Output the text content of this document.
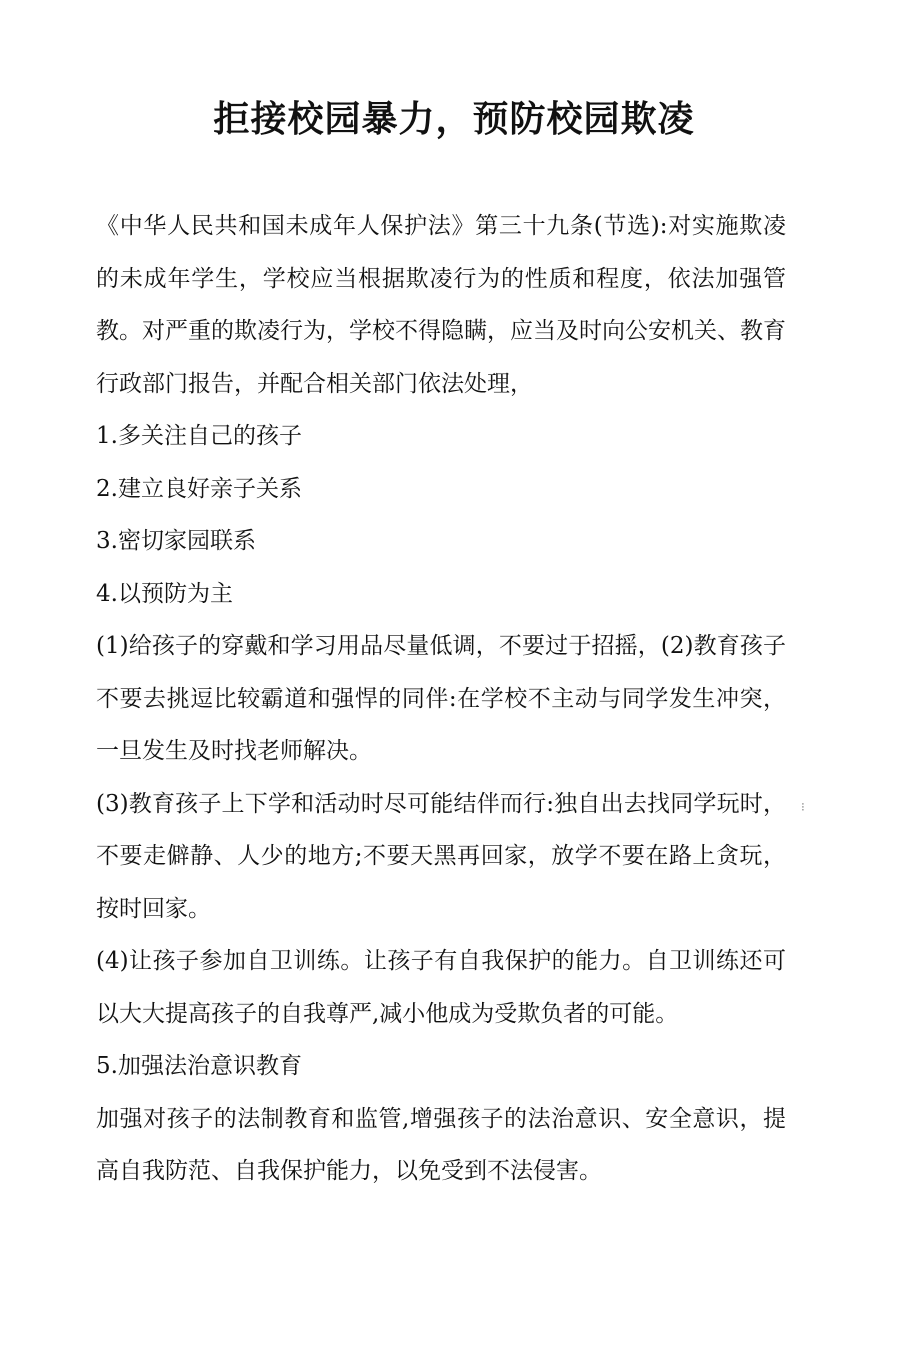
拒接校园暴力，预防校园欺凌

《中华人民共和国未成年人保护法》第三十九条(节选):对实施欺凌的未成年学生，学校应当根据欺凌行为的性质和程度，依法加强管教。对严重的欺凌行为，学校不得隐瞒，应当及时向公安机关、教育行政部门报告，并配合相关部门依法处理，

1.多关注自己的孩子

2.建立良好亲子关系

3.密切家园联系

4.以预防为主

(1)给孩子的穿戴和学习用品尽量低调，不要过于招摇，(2)教育孩子不要去挑逗比较霸道和强悍的同伴:在学校不主动与同学发生冲突，一旦发生及时找老师解决。

(3)教育孩子上下学和活动时尽可能结伴而行:独自出去找同学玩时，不要走僻静、人少的地方;不要天黑再回家，放学不要在路上贪玩，按时回家。

(4)让孩子参加自卫训练。让孩子有自我保护的能力。自卫训练还可以大大提高孩子的自我尊严,减小他成为受欺负者的可能。

5.加强法治意识教育

加强对孩子的法制教育和监管,增强孩子的法治意识、安全意识，提高自我防范、自我保护能力，以免受到不法侵害。

⁝
